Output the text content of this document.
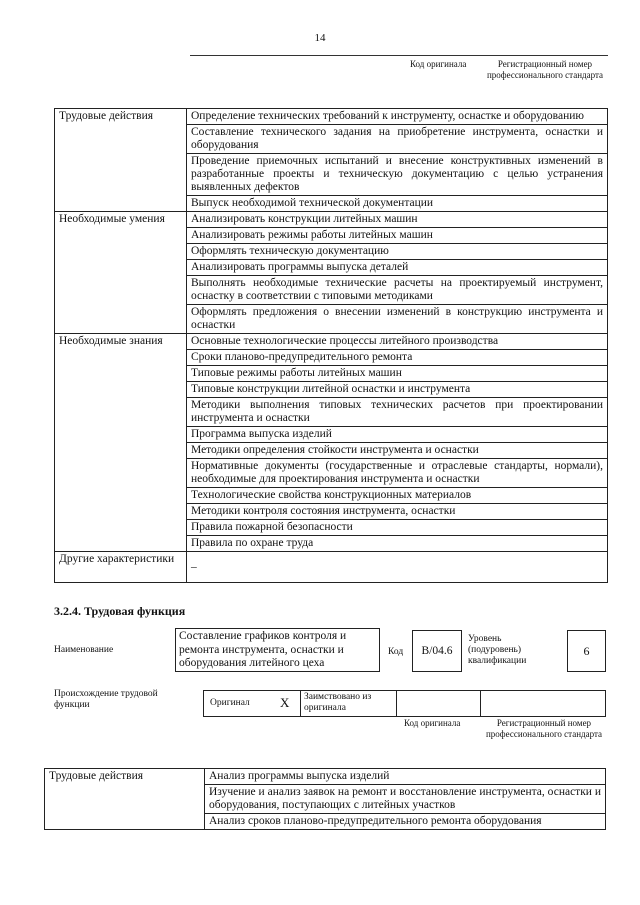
14
Код оригинала	Регистрационный номер профессионального стандарта
Трудовые действия	Определение технических требований к инструменту, оснастке и оборудованию
	Составление технического задания на приобретение инструмента, оснастки и оборудования
	Проведение приемочных испытаний и внесение конструктивных изменений в разработанные проекты и техническую документацию с целью устранения выявленных дефектов
	Выпуск необходимой технической документации
Необходимые умения	Анализировать конструкции литейных машин
	Анализировать режимы работы литейных машин
	Оформлять техническую документацию
	Анализировать программы выпуска деталей
	Выполнять необходимые технические расчеты на проектируемый инструмент, оснастку в соответствии с типовыми методиками
	Оформлять предложения о внесении изменений в конструкцию инструмента и оснастки
Необходимые знания	Основные технологические процессы литейного производства
	Сроки планово-предупредительного ремонта
	Типовые режимы работы литейных машин
	Типовые конструкции литейной оснастки и инструмента
	Методики выполнения типовых технических расчетов при проектировании инструмента и оснастки
	Программа выпуска изделий
	Методики определения стойкости инструмента и оснастки
	Нормативные документы (государственные и отраслевые стандарты, нормали), необходимые для проектирования инструмента и оснастки
	Технологические свойства конструкционных материалов
	Методики контроля состояния инструмента, оснастки
	Правила пожарной безопасности
	Правила по охране труда
Другие характеристики	–
3.2.4. Трудовая функция
Наименование
Составление графиков контроля и ремонта инструмента, оснастки и оборудования литейного цеха
Код В/04.6
Уровень (подуровень) квалификации
6
Происхождение трудовой функции	Оригинал X Заимствовано из оригинала
Код оригинала	Регистрационный номер профессионального стандарта
Трудовые действия	Анализ программы выпуска изделий
Изучение и анализ заявок на ремонт и восстановление инструмента, оснастки и оборудования, поступающих с литейных участков
Анализ сроков планово-предупредительного ремонта оборудования
